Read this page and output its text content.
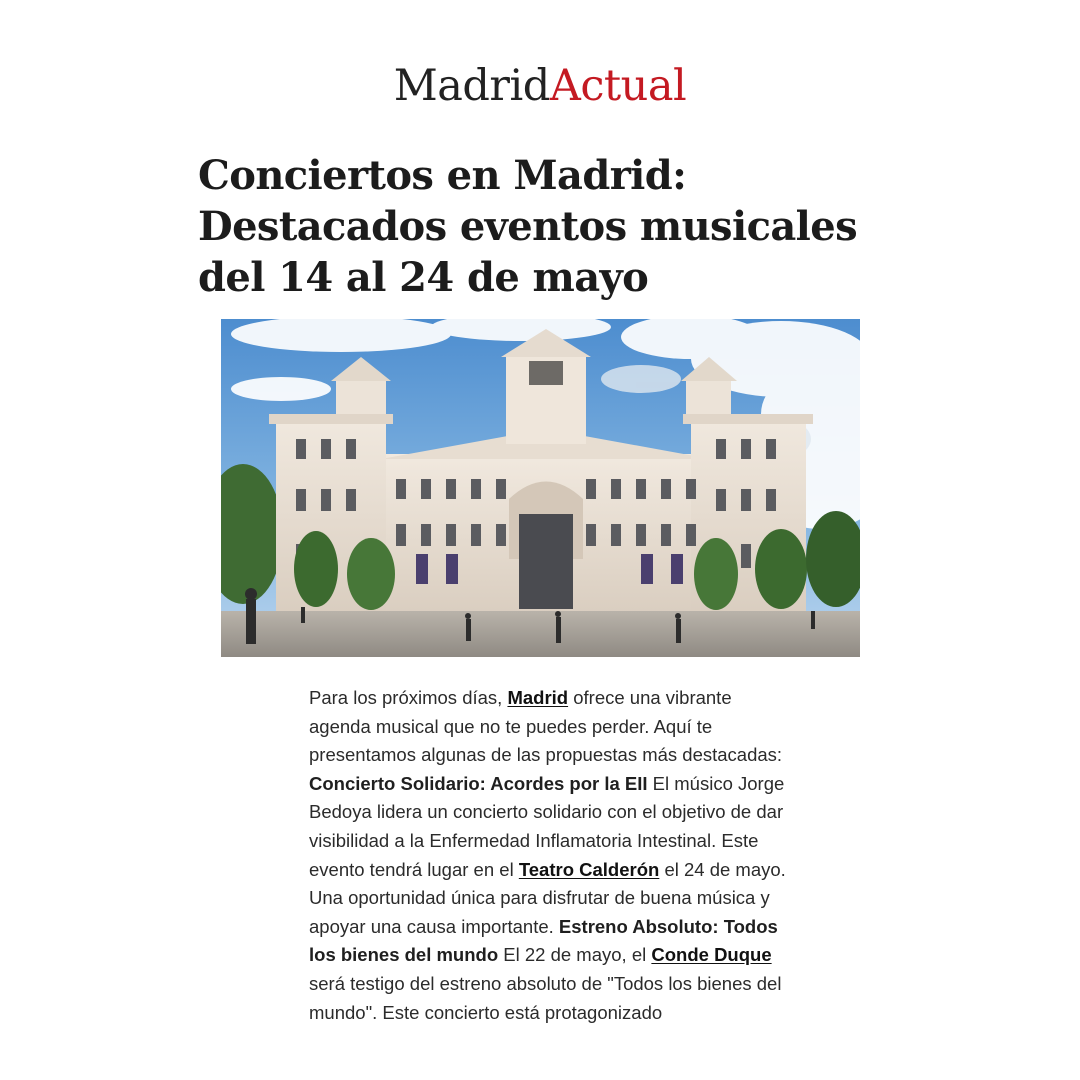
MadridActual
Conciertos en Madrid: Destacados eventos musicales del 14 al 24 de mayo

Para los próximos días, Madrid ofrece una vibrante agenda musical que no te puedes perder. Aquí te presentamos algunas de las propuestas más destacadas: Concierto Solidario: Acordes por la EII El músico Jorge Bedoya lidera un concierto solidario con el objetivo de dar visibilidad a la Enfermedad Inflamatoria Intestinal. Este evento tendrá lugar en el Teatro Calderón el 24 de mayo. Una oportunidad única para disfrutar de buena música y apoyar una causa importante. Estreno Absoluto: Todos los bienes del mundo El 22 de mayo, el Conde Duque será testigo del estreno absoluto de "Todos los bienes del mundo". Este concierto está protagonizado
